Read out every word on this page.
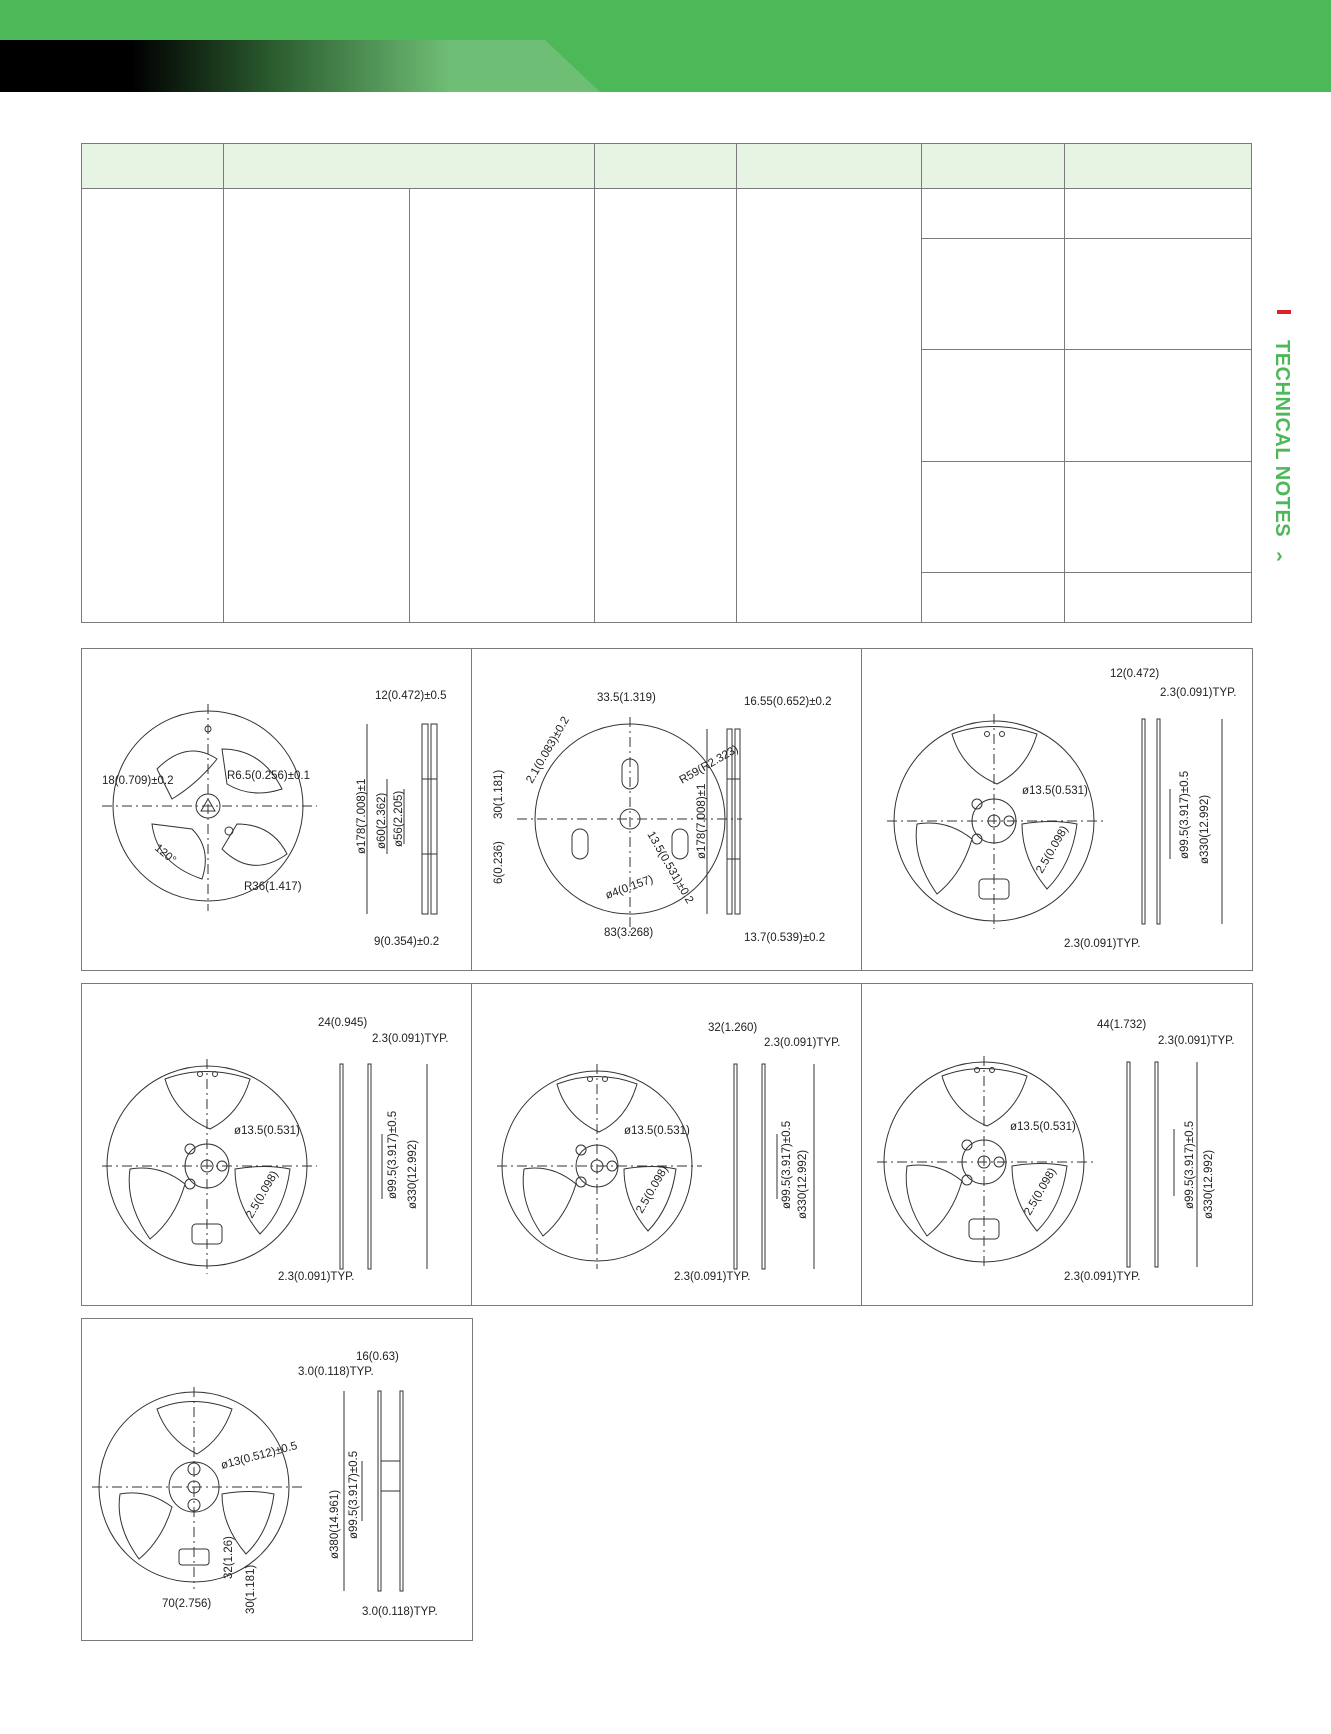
TECHNICAL NOTES
›

12(0.472)±0.5
18(0.709)±0.2	R6.5(0.256)±0.1
120°
R36(1.417)
ø178(7.008)±1 ø60(2.362) ø56(2.205)
9(0.354)±0.2
33.5(1.319)	16.55(0.652)±0.2
2.1(0.083)±0.2	R59(R2.323)
30(1.181)
6(0.236)
ø178(7.008)±1
13.5(0.531)±0.2
ø4(0.157)
83(3.268)	13.7(0.539)±0.2
12(0.472)
2.3(0.091)TYP.
ø13.5(0.531)
2.5(0.098)	ø99.5(3.917)±0.5 ø330(12.992)
2.3(0.091)TYP.
24(0.945)
2.3(0.091)TYP.
ø13.5(0.531)
2.5(0.098)	ø99.5(3.917)±0.5 ø330(12.992)
2.3(0.091)TYP.
32(1.260)
2.3(0.091)TYP.
ø13.5(0.531)
2.5(0.098)	ø99.5(3.917)±0.5 ø330(12.992)
2.3(0.091)TYP.
44(1.732)
2.3(0.091)TYP.
ø13.5(0.531)
2.5(0.098)	ø99.5(3.917)±0.5 ø330(12.992)
2.3(0.091)TYP.
16(0.63)
3.0(0.118)TYP.
ø13(0.512)±0.5
ø380(14.961) ø99.5(3.917)±0.5
32(1.26)
30(1.181)
70(2.756)
3.0(0.118)TYP.
